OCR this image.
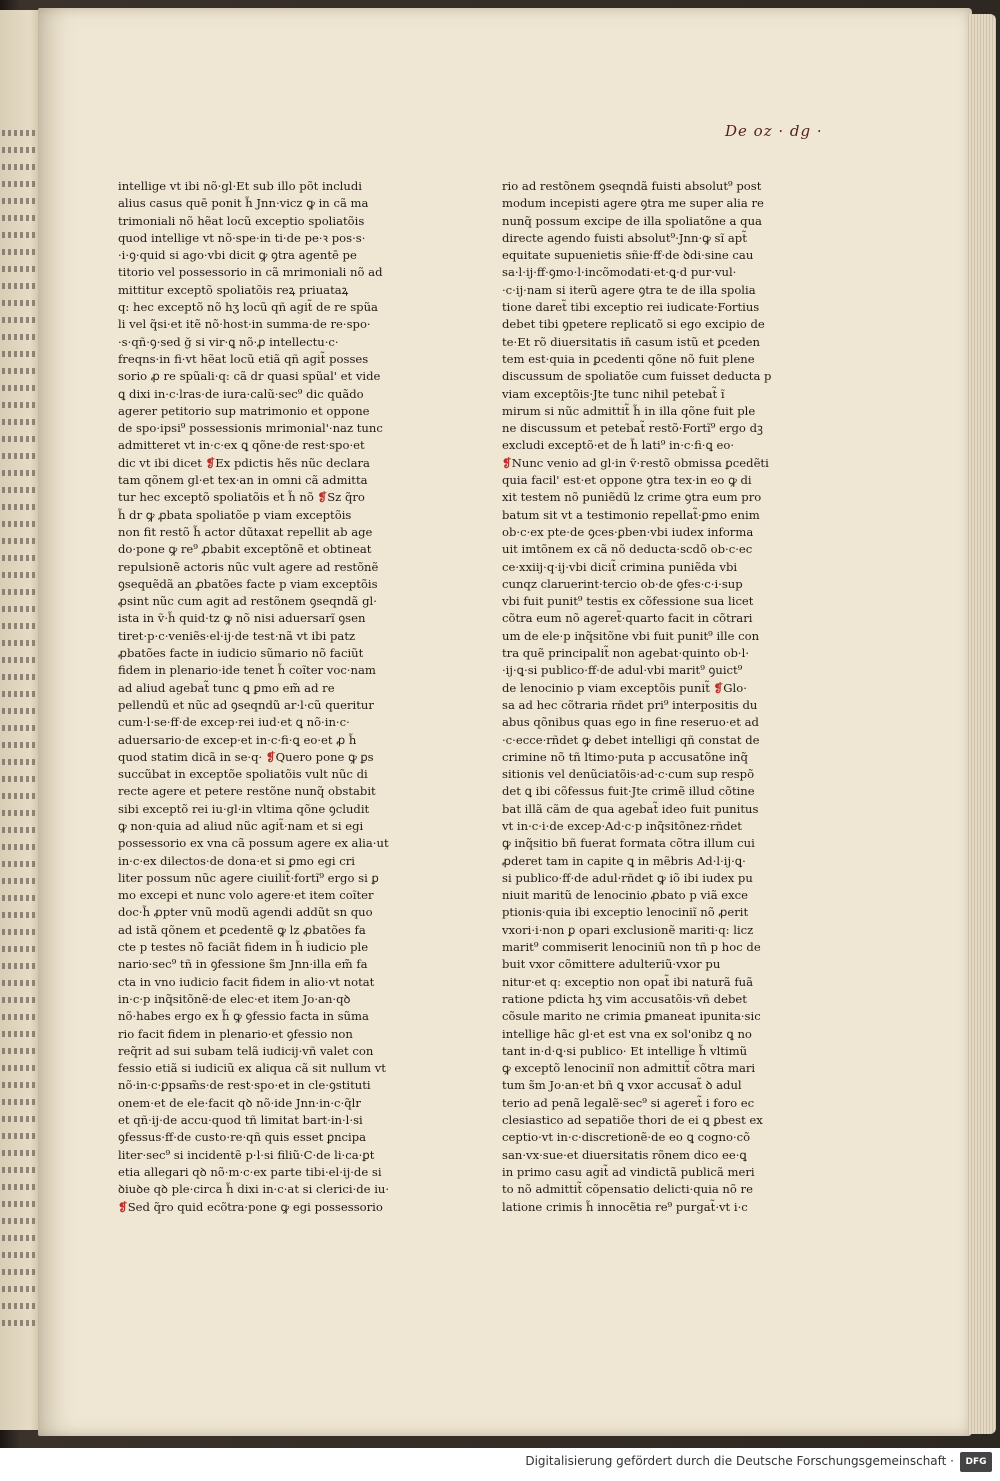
De oz · dg ·
intellige vt ibi nõ·gl·Et sub illo põt includi
alius casus quē ponit h̃ Jnn·vicz ꝙ in cã ma
trimoniali nõ hẽat locũ exceptio spoliatõis
quod intellige vt nõ·spe·in ti·de pe·ꝛ pos·s·
·i·ꝯ·quid si ago·vbi dicit ꝙ ꝯtra agentē pe
titorio vel possessorio in cã mrimoniali nõ ad
mittitur exceptõ spoliatõis reꝝ priuataꝝ
q: hec exceptõ nõ hʒ locũ qñ agit̃ de re spũa
li vel q̃si·et itẽ nõ·host·in summa·de re·spo·
·s·qñ·ꝯ·sed ğ si vir·ꝗ nõ·ꝓ intellectu·c·
freqns·in fi·vt hẽat locũ etiã qñ agit̃ posses
sorio ꝓ re spũali·q: cã dr quasi spũal' et vide
ꝗ dixi in·c·lras·de iura·calũ·sec⁹ dic quãdo
agerer petitorio sup matrimonio et oppone
de spo·ipsi⁹ possessionis mrimonial'·naz tunc
admitteret vt in·c·ex ꝗ qõne·de rest·spo·et
dic vt ibi dicet ❡Ex pdictis hẽs nũc declara
tam qõnem gl·et tex·an in omni cã admitta
tur hec exceptõ spoliatõis et h̃ nõ ❡Sz q̃ro
h̃ dr ꝙ ꝓbata spoliatõe p viam exceptõis
non fit restõ h̃ actor dũtaxat repellit ab age
do·pone ꝙ re⁹ ꝓbabit exceptõnẽ et obtineat
repulsionẽ actoris nũc vult agere ad restõnẽ
ꝯsequẽdã an ꝓbatões facte p viam exceptõis
ꝓsint nũc cum agit ad restõnem ꝯseqndã gl·
ista in ṽ·h̃ quid·tz ꝙ nõ nisi aduersarĩ ꝯsen
tiret·p·c·veniẽs·el·ij·de test·nã vt ibi patz
ꝓbatões facte in iudicio sũmario nõ faciũt
fidem in plenario·ide tenet h̃ coĩter voc·nam
ad aliud agebat̃ tunc ꝗ ꝑmo em̃ ad re
pellendũ et nũc ad ꝯseqndũ ar·l·cũ queritur
cum·l·se·ff·de excep·rei iud·et ꝗ nõ·in·c·
aduersario·de excep·et in·c·fi·ꝗ eo·et ꝓ h̃
quod statim dicã in se·q· ❡Quero pone ꝙ ꝑs
succũbat in exceptõe spoliatõis vult nũc di
recte agere et petere restõne nunq̃ obstabit
sibi exceptõ rei iu·gl·in vltima qõne ꝯcludit
ꝙ non·quia ad aliud nũc agit̃·nam et si egi
possessorio ex vna cã possum agere ex alia·ut
in·c·ex dilectos·de dona·et si ꝑmo egi cri
liter possum nũc agere ciuilit̃·fortĩ⁹ ergo si ꝑ
mo excepi et nunc volo agere·et item coĩter
doc·h̃ ꝓpter vnũ modũ agendi addũt sn quo
ad istã qõnem et ꝑcedentẽ ꝙ lz ꝓbatões fa
cte p testes nõ faciãt fidem in h̃ iudicio ple
nario·sec⁹ tñ in ꝯfessione s̃m Jnn·illa em̃ fa
cta in vno iudicio facit fidem in alio·vt notat
in·c·p inq̃sitõnẽ·de elec·et item Jo·an·qꝺ
nõ·habes ergo ex h̃ ꝙ ꝯfessio facta in sũma
rio facit fidem in plenario·et ꝯfessio non
req̃rit ad sui subam telã iudicij·vñ valet con
fessio etiã si iudiciũ ex aliqua cã sit nullum vt
nõ·in·c·ꝑpsam̃s·de rest·spo·et in cle·ꝯstituti
onem·et de ele·facit qꝺ nõ·ide Jnn·in·c·q̃lr
et qñ·ij·de accu·quod tñ limitat bart·in·l·si
ꝯfessus·ff·de custo·re·qñ quis esset ꝑncipa
liter·sec⁹ si incidentẽ p·l·si filiũ·C·de li·ca·ꝑt
etia allegari qꝺ nõ·m·c·ex parte tibi·el·ij·de si
ꝺiuꝺe qꝺ ple·circa h̃ dixi in·c·at si clerici·de iu·
❡Sed q̃ro quid ecõtra·pone ꝙ egi possessorio
rio ad restõnem ꝯseqndã fuisti absolut⁹ post
modum incepisti agere ꝯtra me super alia re
nunq̃ possum excipe de illa spoliatõne a qua
directe agendo fuisti absolut⁹·Jnn·ꝙ sĩ apt̃
equitate supuenietis sñie·ff·de ꝺdi·sine cau
sa·l·ij·ff·ꝯmo·l·incõmodati·et·ꝗ·d pur·vul·
·c·ij·nam si iterũ agere ꝯtra te de illa spolia
tione daret̃ tibi exceptio rei iudicate·Fortius
debet tibi ꝯpetere replicatõ si ego excipio de
te·Et rõ diuersitatis in̄ casum istũ et ꝑceden
tem est·quia in ꝑcedenti qõne nõ fuit plene
discussum de spoliatõe cum fuisset deducta p
viam exceptõis·Jte tunc nihil petebat̃ ĩ
mirum si nũc admittit̃ h̃ in illa qõne fuit ple
ne discussum et petebat̃ restõ·Fortĩ⁹ ergo dꝫ
excludi exceptõ·et de h̃ lati⁹ in·c·fi·ꝗ eo·
❡Nunc venio ad gl·in ṽ·restõ obmissa ꝑcedẽti
quia facil' est·et oppone ꝯtra tex·in eo ꝙ di
xit testem nõ puniẽdũ lz crime ꝯtra eum pro
batum sit vt a testimonio repellat̃·ꝑmo enim
ob·c·ex pte·de ꝯces·ꝑben·vbi iudex informa
uit imtõnem ex cã nõ deducta·scdõ ob·c·ec
ce·xxiij·q·ij·vbi dicit̃ crimina puniẽda vbi
cunqz claruerint·tercio ob·de ꝯfes·c·i·sup
vbi fuit punit⁹ testis ex cõfessione sua licet
cõtra eum nõ ageret̃·quarto facit in cõtrari
um de ele·p inq̃sitõne vbi fuit punit⁹ ille con
tra quẽ principalit̃ non agebat·quinto ob·l·
·ij·ꝗ·si publico·ff·de adul·vbi marit⁹ ꝯuict⁹
de lenocinio p viam exceptõis punit̃ ❡Glo·
sa ad hec cõtraria rñdet pri⁹ interpositis du
abus qõnibus quas ego in fine reseruo·et ad
·c·ecce·rñdet ꝙ debet intelligi qñ constat de
crimine nõ tñ ltimo·puta p accusatõne inq̃
sitionis vel denũciatõis·ad·c·cum sup respõ
det ꝗ ibi cõfessus fuit·Jte crimẽ illud cõtine
bat illã cãm de qua agebat̃ ideo fuit punitus
vt in·c·i·de excep·Ad·c·p inq̃sitõnez·rñdet
ꝙ inq̃sitio bñ fuerat formata cõtra illum cui
ꝓderet tam in capite ꝗ in mẽbris Ad·l·ij·ꝗ·
si publico·ff·de adul·rñdet ꝙ iõ ibi iudex pu
niuit maritũ de lenocinio ꝓbato p viã exce
ptionis·quia ibi exceptio lenociniĩ nõ ꝓerit
vxori·i·non ꝑ opari exclusionẽ mariti·q: licz
marit⁹ commiserit lenociniũ non tñ p hoc de
buit vxor cõmittere adulteriũ·vxor pu
nitur·et q: exceptio non opat̃ ibi naturã fuã
ratione pdicta hʒ vim accusatõis·vñ debet
cõsule marito ne crimia ꝑmaneat ipunita·sic
intellige hãc gl·et est vna ex sol'onibz ꝗ no
tant in·d·ꝗ·si publico· Et intellige h̃ vltimũ
ꝙ exceptõ lenociniĩ non admittit̃ cõtra mari
tum s̃m Jo·an·et bñ ꝗ vxor accusat̃ ꝺ adul
terio ad penã legalẽ·sec⁹ si ageret̃ i foro ec
clesiastico ad sepatiõe thori de ei ꝗ ꝑbest ex
ceptio·vt in·c·discretionẽ·de eo ꝗ cogno·cõ
san·vx·sue·et diuersitatis rõnem dico ee·ꝗ
in primo casu agit̃ ad vindictã publicã meri
to nõ admittit̃ cõpensatio delicti·quia nõ re
latione crimis h̃ innocẽtia re⁹ purgat̃·vt i·c
Digitalisierung gefördert durch die Deutsche Forschungsgemeinschaft ·	DFG
